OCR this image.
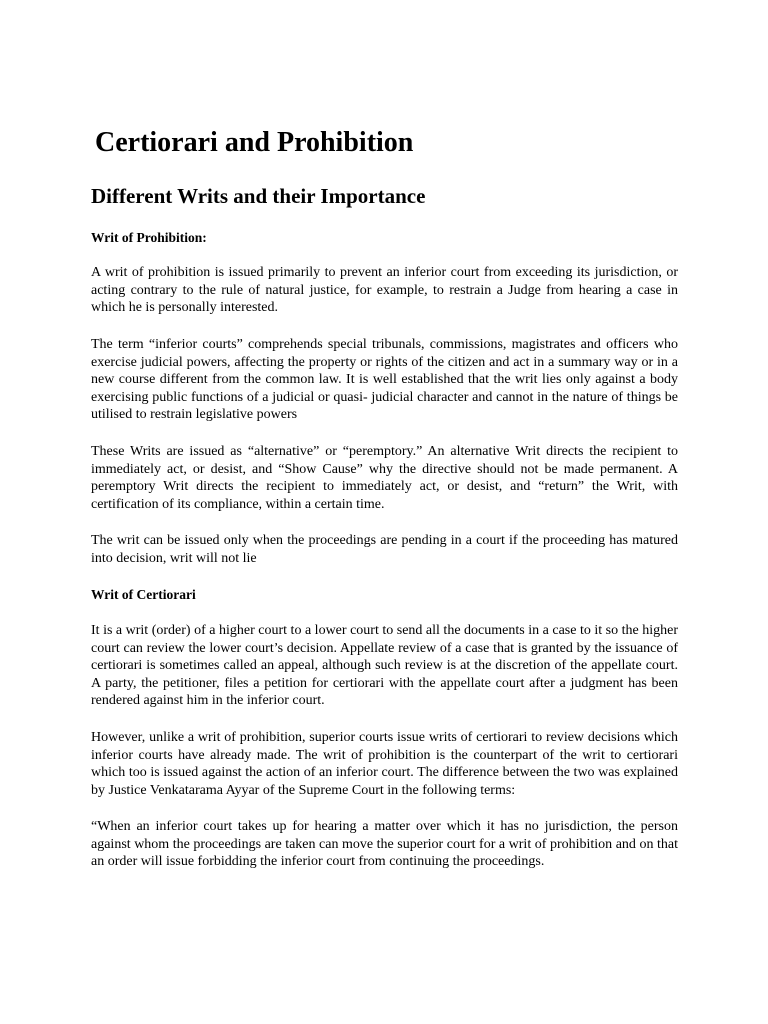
Certiorari and Prohibition
Different Writs and their Importance
Writ of Prohibition:

A writ of prohibition is issued primarily to prevent an inferior court from exceeding its jurisdiction, or acting contrary to the rule of natural justice, for example, to restrain a Judge from hearing a case in which he is personally interested.

The term “inferior courts” comprehends special tribunals, commissions, magistrates and officers who exercise judicial powers, affecting the property or rights of the citizen and act in a summary way or in a new course different from the common law. It is well established that the writ lies only against a body exercising public functions of a judicial or quasi- judicial character and cannot in the nature of things be utilised to restrain legislative powers

These Writs are issued as “alternative” or “peremptory.” An alternative Writ directs the recipient to immediately act, or desist, and “Show Cause” why the directive should not be made permanent. A peremptory Writ directs the recipient to immediately act, or desist, and “return” the Writ, with certification of its compliance, within a certain time.

The writ can be issued only when the proceedings are pending in a court if the proceeding has matured into decision, writ will not lie

Writ of Certiorari

It is a writ (order) of a higher court to a lower court to send all the documents in a case to it so the higher court can review the lower court’s decision. Appellate review of a case that is granted by the issuance of certiorari is sometimes called an appeal, although such review is at the discretion of the appellate court. A party, the petitioner, files a petition for certiorari with the appellate court after a judgment has been rendered against him in the inferior court.

However, unlike a writ of prohibition, superior courts issue writs of certiorari to review decisions which inferior courts have already made. The writ of prohibition is the counterpart of the writ to certiorari which too is issued against the action of an inferior court. The difference between the two was explained by Justice Venkatarama Ayyar of the Supreme Court in the following terms:

“When an inferior court takes up for hearing a matter over which it has no jurisdiction, the person against whom the proceedings are taken can move the superior court for a writ of prohibition and on that an order will issue forbidding the inferior court from continuing the proceedings.
